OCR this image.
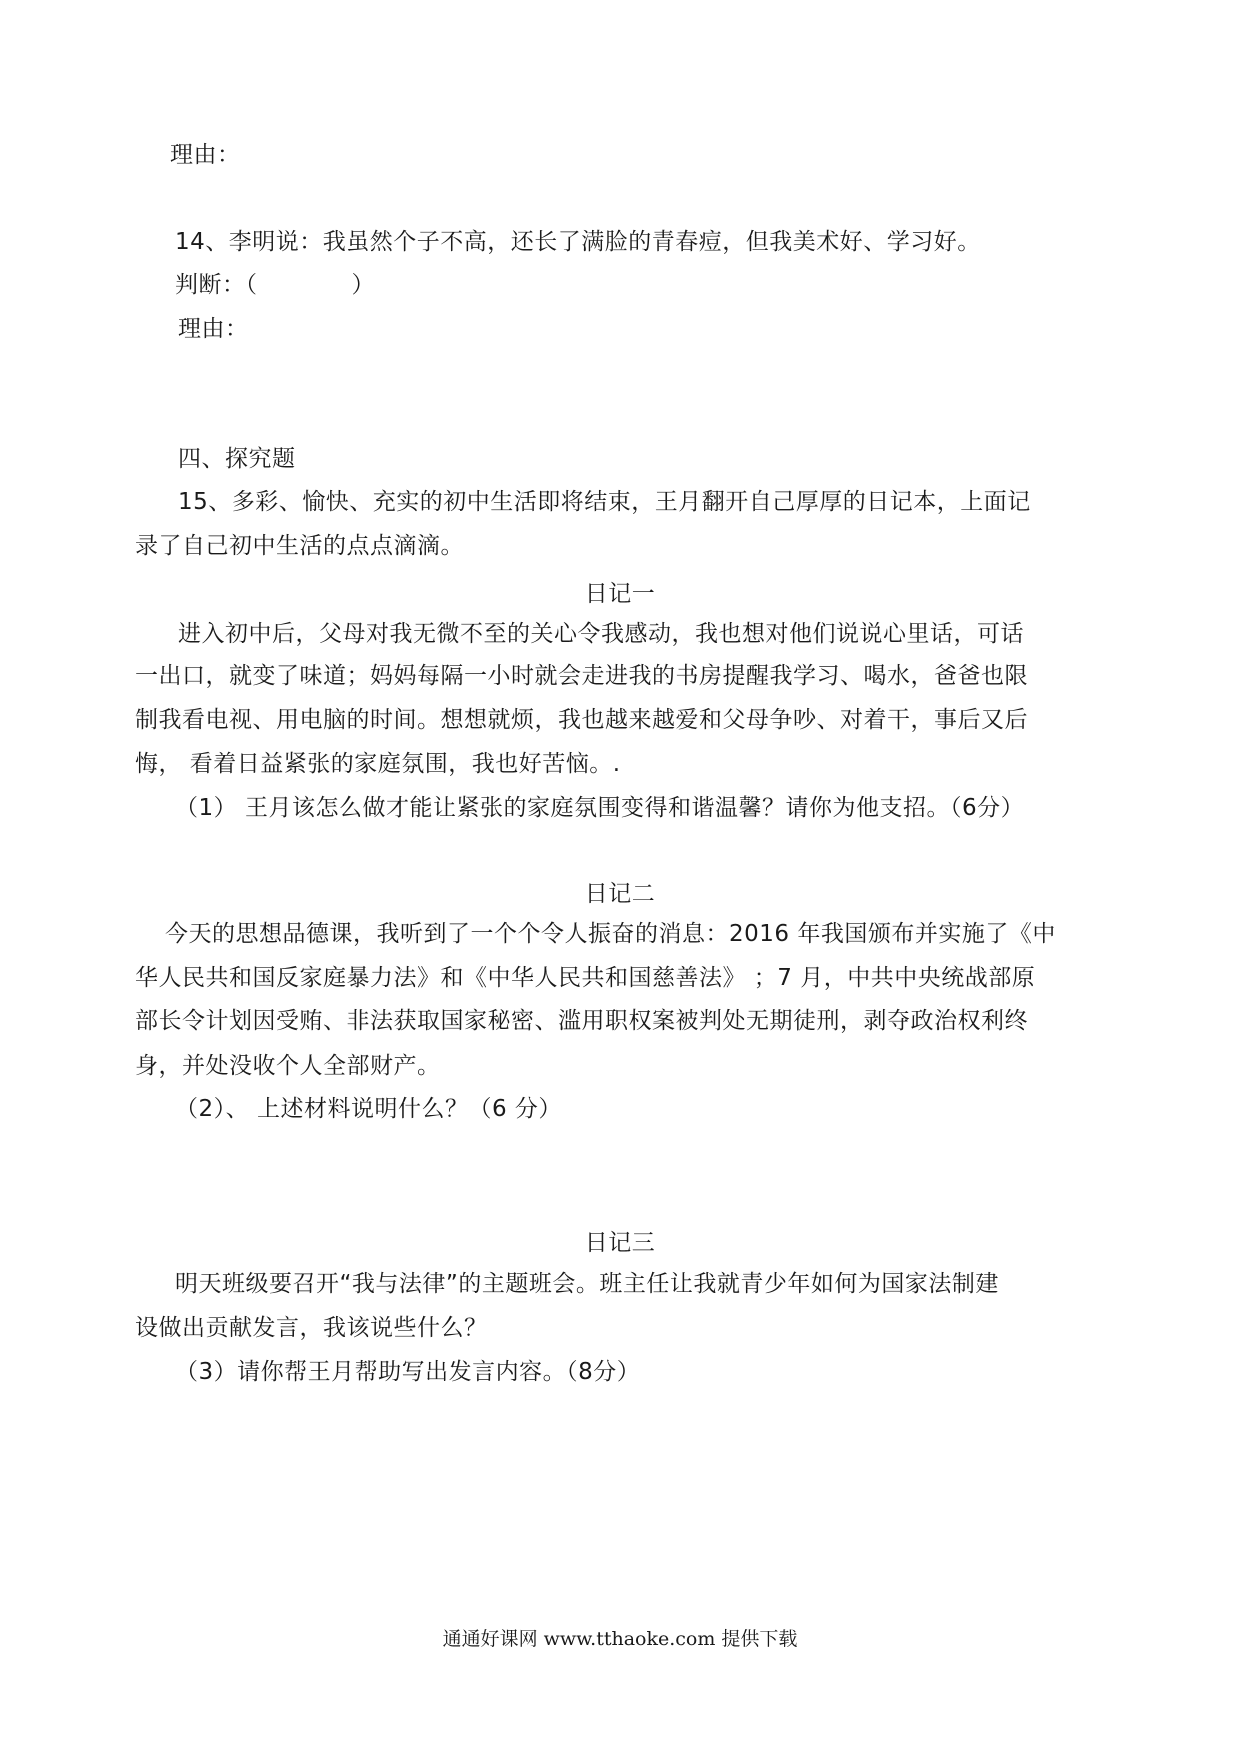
理由：
14、李明说：我虽然个子不高，还长了满脸的青春痘，但我美术好、学习好。
判断：（　　　　）
理由：
四、探究题
15、多彩、愉快、充实的初中生活即将结束，王月翻开自己厚厚的日记本，上面记
录了自己初中生活的点点滴滴。
日记一
进入初中后，父母对我无微不至的关心令我感动，我也想对他们说说心里话，可话
一出口，就变了味道；妈妈每隔一小时就会走进我的书房提醒我学习、喝水，爸爸也限
制我看电视、用电脑的时间。想想就烦，我也越来越爱和父母争吵、对着干，事后又后
悔， 看着日益紧张的家庭氛围，我也好苦恼。.
（1） 王月该怎么做才能让紧张的家庭氛围变得和谐温馨？请你为他支招。（6分）
日记二
今天的思想品德课，我听到了一个个令人振奋的消息：2016 年我国颁布并实施了《中
华人民共和国反家庭暴力法》和《中华人民共和国慈善法》 ；7 月，中共中央统战部原
部长令计划因受贿、非法获取国家秘密、滥用职权案被判处无期徒刑，剥夺政治权利终
身，并处没收个人全部财产。
（2）、 上述材料说明什么？（6 分）
日记三
明天班级要召开“我与法律”的主题班会。班主任让我就青少年如何为国家法制建
设做出贡献发言，我该说些什么？
（3）请你帮王月帮助写出发言内容。（8分）
通通好课网 www.tthaoke.com 提供下载
